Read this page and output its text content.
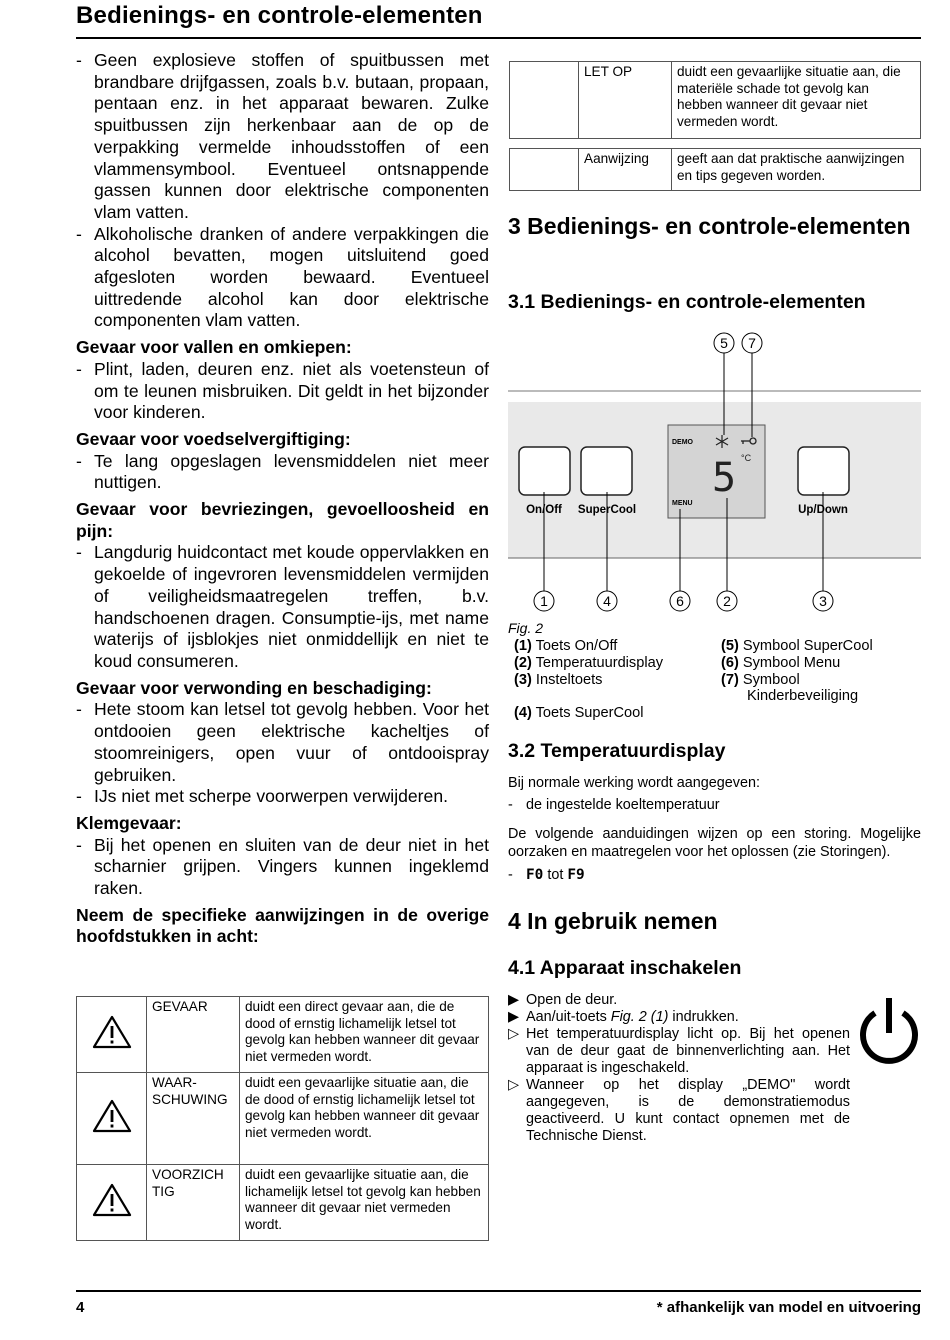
Bedienings- en controle-elementen
- Geen explosieve stoffen of spuitbussen met brandbare drijfgassen, zoals b.v. butaan, propaan, pentaan enz. in het apparaat bewaren. Zulke spuitbussen zijn herkenbaar aan de op de verpakking vermelde inhoudsstoffen of een vlammensymbool. Eventueel ontsnappende gassen kunnen door elektrische componenten vlam vatten.
- Alkoholische dranken of andere verpakkingen die alcohol bevatten, mogen uitsluitend goed afgesloten worden bewaard. Eventueel uittredende alcohol kan door elektrische componenten vlam vatten.
Gevaar voor vallen en omkiepen:
- Plint, laden, deuren enz. niet als voetensteun of om te leunen misbruiken. Dit geldt in het bijzonder voor kinderen.
Gevaar voor voedselvergiftiging:
- Te lang opgeslagen levensmiddelen niet meer nuttigen.
Gevaar voor bevriezingen, gevoelloosheid en pijn:
- Langdurig huidcontact met koude oppervlakken en gekoelde of ingevroren levensmiddelen vermijden of veiligheidsmaatregelen treffen, b.v. handschoenen dragen. Consumptie-ijs, met name waterijs of ijsblokjes niet onmiddellijk en niet te koud consumeren.
Gevaar voor verwonding en beschadiging:
- Hete stoom kan letsel tot gevolg hebben. Voor het ontdooien geen elektrische kacheltjes of stoomreinigers, open vuur of ontdooispray gebruiken.
- IJs niet met scherpe voorwerpen verwijderen.
Klemgevaar:
- Bij het openen en sluiten van de deur niet in het scharnier grijpen. Vingers kunnen ingeklemd raken.
Neem de specifieke aanwijzingen in de overige hoofdstukken in acht:
	GEVAAR	duidt een direct gevaar aan, die de dood of ernstig lichamelijk letsel tot gevolg kan hebben wanneer dit gevaar niet vermeden wordt.
	WAAR-
SCHUWING	duidt een gevaarlijke situatie aan, die de dood of ernstig lichamelijk letsel tot gevolg kan hebben wanneer dit gevaar niet vermeden wordt.
	VOORZICH
TIG	duidt een gevaarlijke situatie aan, die lichamelijk letsel tot gevolg kan hebben wanneer dit gevaar niet vermeden wordt.
	LET OP	duidt een gevaarlijke situatie aan, die materiële schade tot gevolg kan hebben wanneer dit gevaar niet vermeden wordt.

	Aanwijzing	geeft aan dat praktische aanwijzingen en tips gegeven worden.
3 Bedienings- en controle-elementen
3.1 Bedienings- en controle-elementen
On/Off SuperCool	Up/Down
DEMO
MENU
5 °C
5 7
1	4	6	2	3
Fig. 2
(1) Toets On/Off
(2) Temperatuurdisplay
(3) Insteltoets
(4) Toets SuperCool
(5) Symbool SuperCool
(6) Symbool Menu
(7) Symbool Kinderbeveiliging
3.2 Temperatuurdisplay
Bij normale werking wordt aangegeven:
- de ingestelde koeltemperatuur
De volgende aanduidingen wijzen op een storing. Mogelijke oorzaken en maatregelen voor het oplossen (zie Storingen).
- F0 tot F9
4 In gebruik nemen
4.1 Apparaat inschakelen
▶ Open de deur.
▶ Aan/uit-toets Fig. 2 (1) indrukken.
▷ Het temperatuurdisplay licht op. Bij het openen van de deur gaat de binnenverlichting aan. Het apparaat is ingeschakeld.
▷ Wanneer op het display „DEMO" wordt aangegeven, is de demonstratiemodus geactiveerd. U kunt contact opnemen met de Technische Dienst.
4	* afhankelijk van model en uitvoering
